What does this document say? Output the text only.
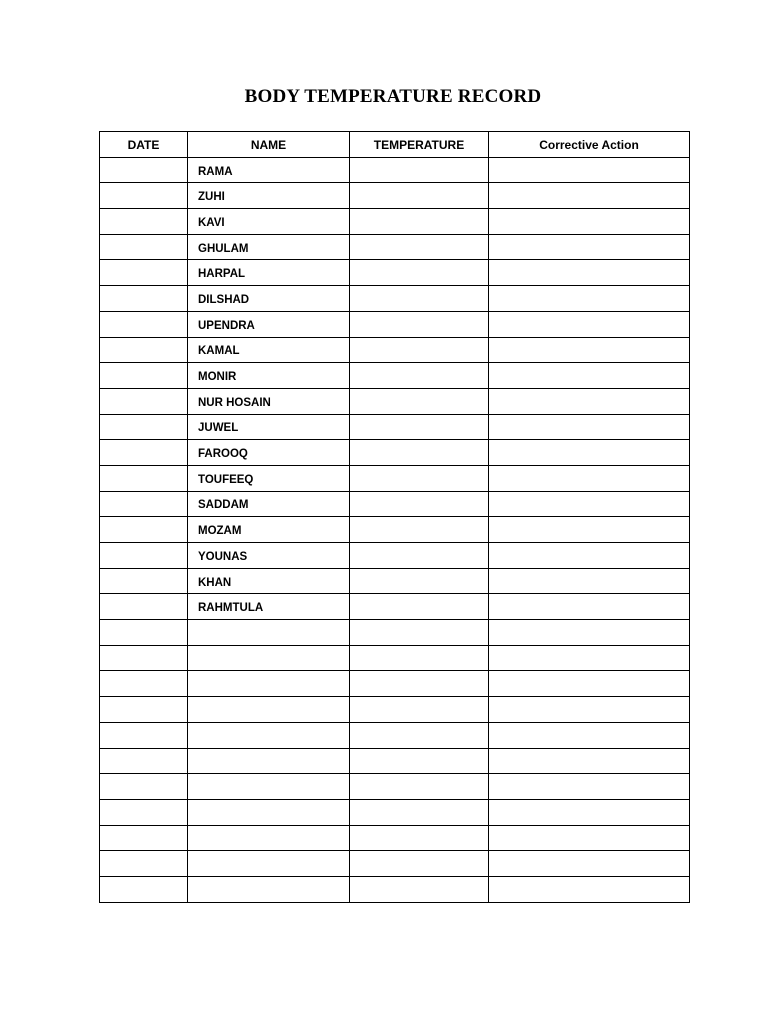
BODY TEMPERATURE RECORD
DATE	NAME	TEMPERATURE	Corrective Action
	RAMA		
	ZUHI		
	KAVI		
	GHULAM		
	HARPAL		
	DILSHAD		
	UPENDRA		
	KAMAL		
	MONIR		
	NUR HOSAIN		
	JUWEL		
	FAROOQ		
	TOUFEEQ		
	SADDAM		
	MOZAM		
	YOUNAS		
	KHAN		
	RAHMTULA		
